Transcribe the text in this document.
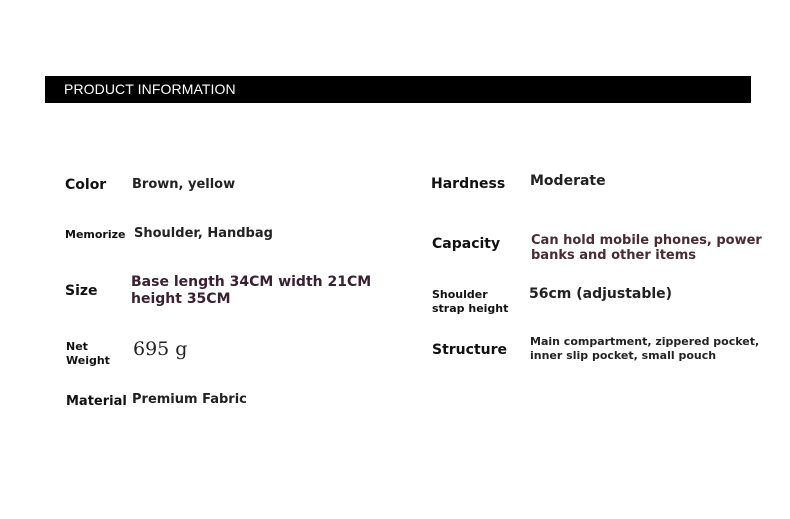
PRODUCT INFORMATION
Color Brown, yellow
Memorize Shoulder, Handbag
Size
Base length 34CM width 21CM
height 35CM
Net
Weight
695 g
Material Premium Fabric
Hardness Moderate
Capacity Can hold mobile phones, power
banks and other items
Shoulder
strap height
56cm (adjustable)
Structure
Main compartment, zippered pocket,
inner slip pocket, small pouch
